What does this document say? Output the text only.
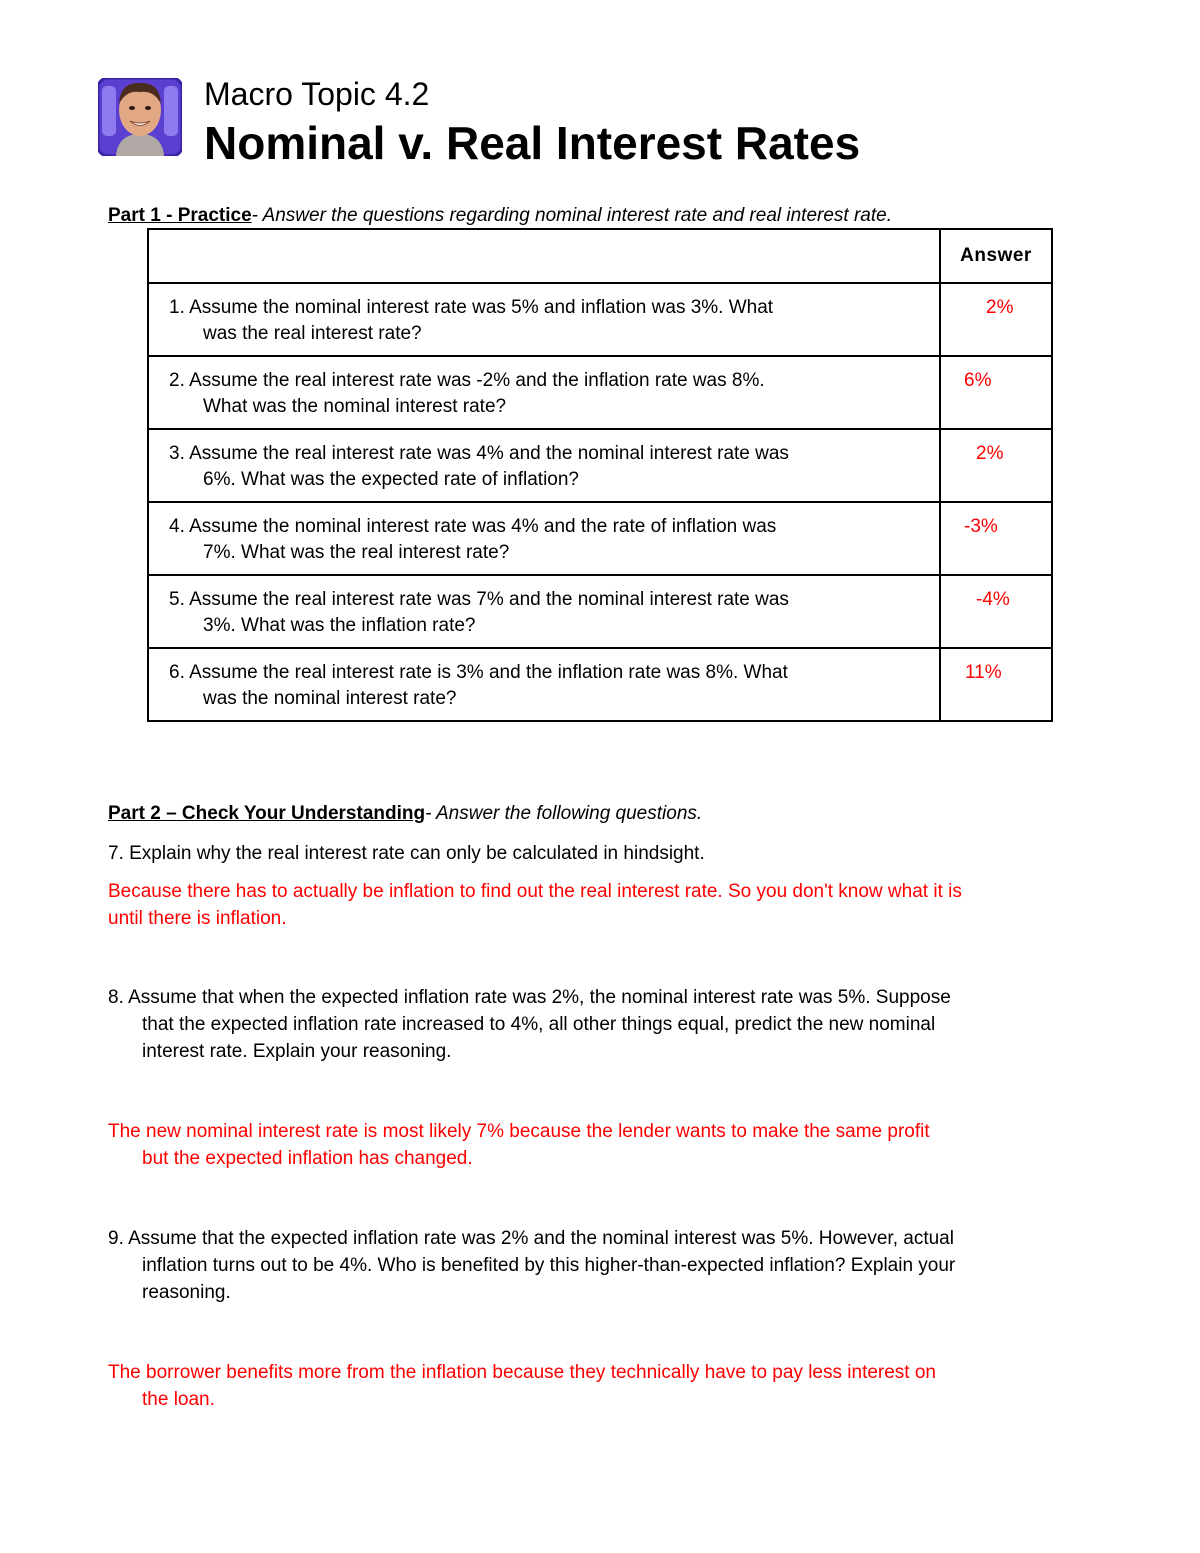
Macro Topic 4.2
Nominal v. Real Interest Rates
Part 1 - Practice- Answer the questions regarding nominal interest rate and real interest rate.
	Answer
1. Assume the nominal interest rate was 5% and inflation was 3%. What
was the real interest rate?	2%

2. Assume the real interest rate was -2% and the inflation rate was 8%.
What was the nominal interest rate?	6%

3. Assume the real interest rate was 4% and the nominal interest rate was
6%. What was the expected rate of inflation?	2%

4. Assume the nominal interest rate was 4% and the rate of inflation was
7%. What was the real interest rate?	-3%

5. Assume the real interest rate was 7% and the nominal interest rate was
3%. What was the inflation rate?	-4%

6. Assume the real interest rate is 3% and the inflation rate was 8%. What
was the nominal interest rate?	11%
Part 2 – Check Your Understanding- Answer the following questions.
7. Explain why the real interest rate can only be calculated in hindsight.
Because there has to actually be inflation to find out the real interest rate. So you don't know what it is
until there is inflation.
8. Assume that when the expected inflation rate was 2%, the nominal interest rate was 5%. Suppose
that the expected inflation rate increased to 4%, all other things equal, predict the new nominal
interest rate. Explain your reasoning.
The new nominal interest rate is most likely 7% because the lender wants to make the same profit
but the expected inflation has changed.
9. Assume that the expected inflation rate was 2% and the nominal interest was 5%. However, actual
inflation turns out to be 4%. Who is benefited by this higher-than-expected inflation? Explain your
reasoning.
The borrower benefits more from the inflation because they technically have to pay less interest on
the loan.
